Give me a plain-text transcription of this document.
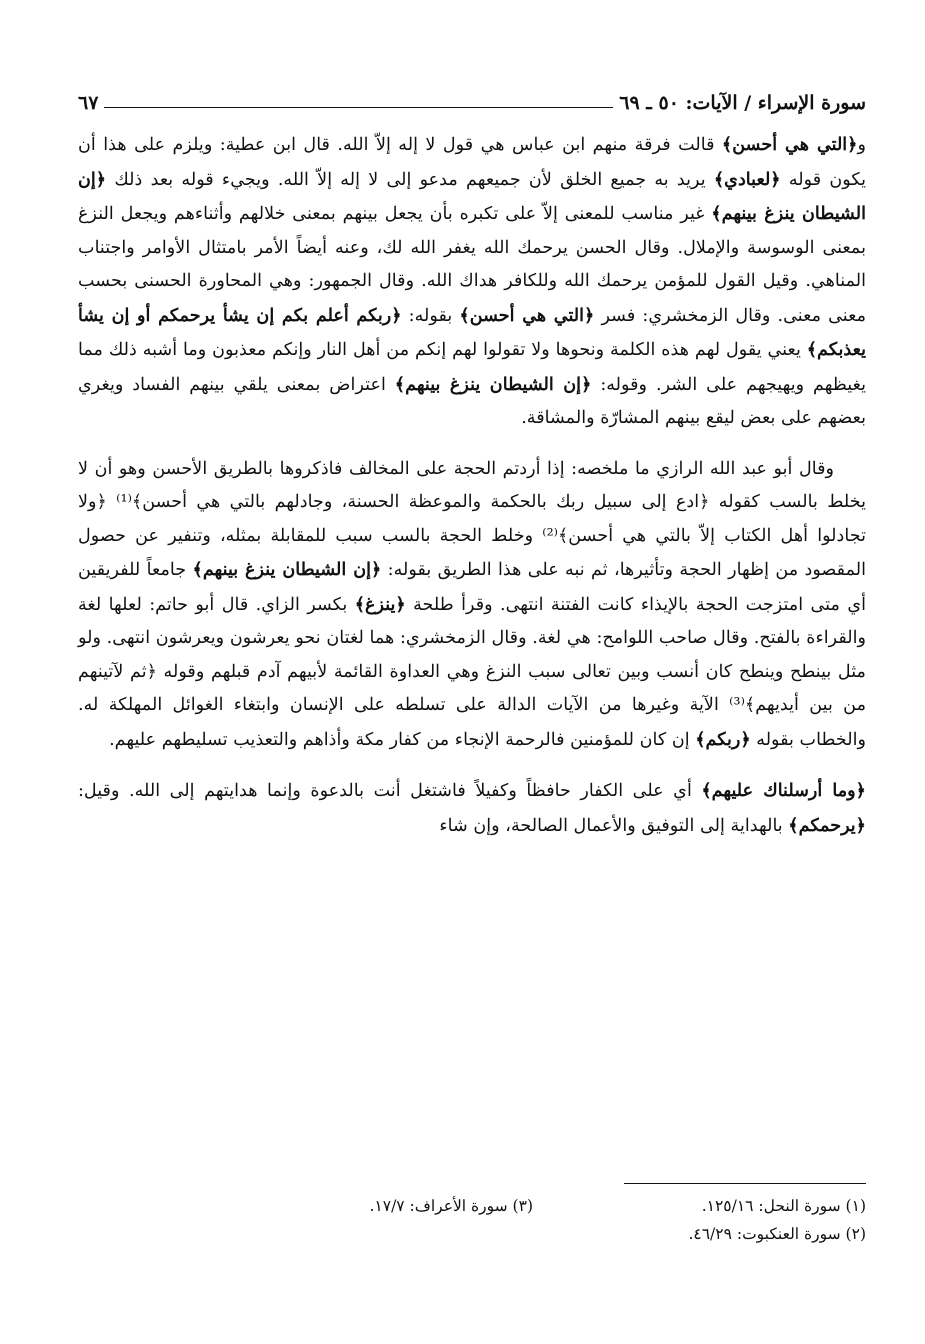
سورة الإسراء / الآيات: ٥٠ ـ ٦٩
٦٧

و﴿التي هي أحسن﴾ قالت فرقة منهم ابن عباس هي قول لا إله إلاّ الله. قال ابن عطية: ويلزم على هذا أن يكون قوله ﴿لعبادي﴾ يريد به جميع الخلق لأن جميعهم مدعو إلى لا إله إلاّ الله. ويجيء قوله بعد ذلك ﴿إن الشيطان ينزغ بينهم﴾ غير مناسب للمعنى إلاّ على تكبره بأن يجعل بينهم بمعنى خلالهم وأثناءهم ويجعل النزغ بمعنى الوسوسة والإملال. وقال الحسن يرحمك الله يغفر الله لك، وعنه أيضاً الأمر بامتثال الأوامر واجتناب المناهي. وقيل القول للمؤمن يرحمك الله وللكافر هداك الله. وقال الجمهور: وهي المحاورة الحسنى بحسب معنى معنى. وقال الزمخشري: فسر ﴿التي هي أحسن﴾ بقوله: ﴿ربكم أعلم بكم إن يشأ يرحمكم أو إن يشأ يعذبكم﴾ يعني يقول لهم هذه الكلمة ونحوها ولا تقولوا لهم إنكم من أهل النار وإنكم معذبون وما أشبه ذلك مما يغيظهم ويهيجهم على الشر. وقوله: ﴿إن الشيطان ينزغ بينهم﴾ اعتراض بمعنى يلقي بينهم الفساد ويغري بعضهم على بعض ليقع بينهم المشارّة والمشاقة.

وقال أبو عبد الله الرازي ما ملخصه: إذا أردتم الحجة على المخالف فاذكروها بالطريق الأحسن وهو أن لا يخلط بالسب كقوله ﴿ادع إلى سبيل ربك بالحكمة والموعظة الحسنة، وجادلهم بالتي هي أحسن﴾⁽¹⁾ ﴿ولا تجادلوا أهل الكتاب إلاّ بالتي هي أحسن﴾⁽²⁾ وخلط الحجة بالسب سبب للمقابلة بمثله، وتنفير عن حصول المقصود من إظهار الحجة وتأثيرها، ثم نبه على هذا الطريق بقوله: ﴿إن الشيطان ينزغ بينهم﴾ جامعاً للفريقين أي متى امتزجت الحجة بالإيذاء كانت الفتنة انتهى. وقرأ طلحة ﴿ينزغ﴾ بكسر الزاي. قال أبو حاتم: لعلها لغة والقراءة بالفتح. وقال صاحب اللوامح: هي لغة. وقال الزمخشري: هما لغتان نحو يعرشون ويعرشون انتهى. ولو مثل بينطح وينطح كان أنسب وبين تعالى سبب النزغ وهي العداوة القائمة لأبيهم آدم قبلهم وقوله ﴿ثم لآتينهم من بين أيديهم﴾⁽³⁾ الآية وغيرها من الآيات الدالة على تسلطه على الإنسان وابتغاء الغوائل المهلكة له. والخطاب بقوله ﴿ربكم﴾ إن كان للمؤمنين فالرحمة الإنجاء من كفار مكة وأذاهم والتعذيب تسليطهم عليهم.

﴿وما أرسلناك عليهم﴾ أي على الكفار حافظاً وكفيلاً فاشتغل أنت بالدعوة وإنما هدايتهم إلى الله. وقيل: ﴿يرحمكم﴾ بالهداية إلى التوفيق والأعمال الصالحة، وإن شاء

(١) سورة النحل: ١٢٥/١٦.
(٣) سورة الأعراف: ١٧/٧.
(٢) سورة العنكبوت: ٤٦/٢٩.
